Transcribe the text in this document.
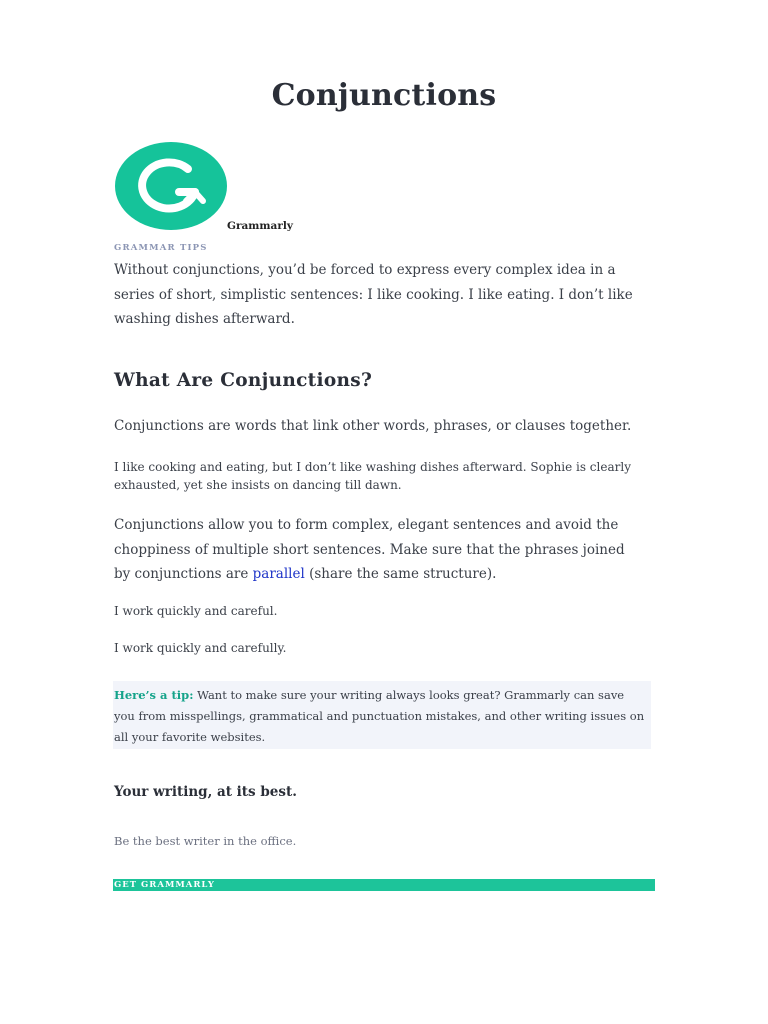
Conjunctions
Grammarly
GRAMMAR TIPS

Without conjunctions, you’d be forced to express every complex idea in a series of short, simplistic sentences: I like cooking. I like eating. I don’t like washing dishes afterward.

What Are Conjunctions?

Conjunctions are words that link other words, phrases, or clauses together.

I like cooking and eating, but I don’t like washing dishes afterward. Sophie is clearly exhausted, yet she insists on dancing till dawn.

Conjunctions allow you to form complex, elegant sentences and avoid the choppiness of multiple short sentences. Make sure that the phrases joined by conjunctions are parallel (share the same structure).

I work quickly and careful.

I work quickly and carefully.

Here’s a tip: Want to make sure your writing always looks great? Grammarly can save you from misspellings, grammatical and punctuation mistakes, and other writing issues on all your favorite websites.

Your writing, at its best.

Be the best writer in the office.

GET GRAMMARLY
